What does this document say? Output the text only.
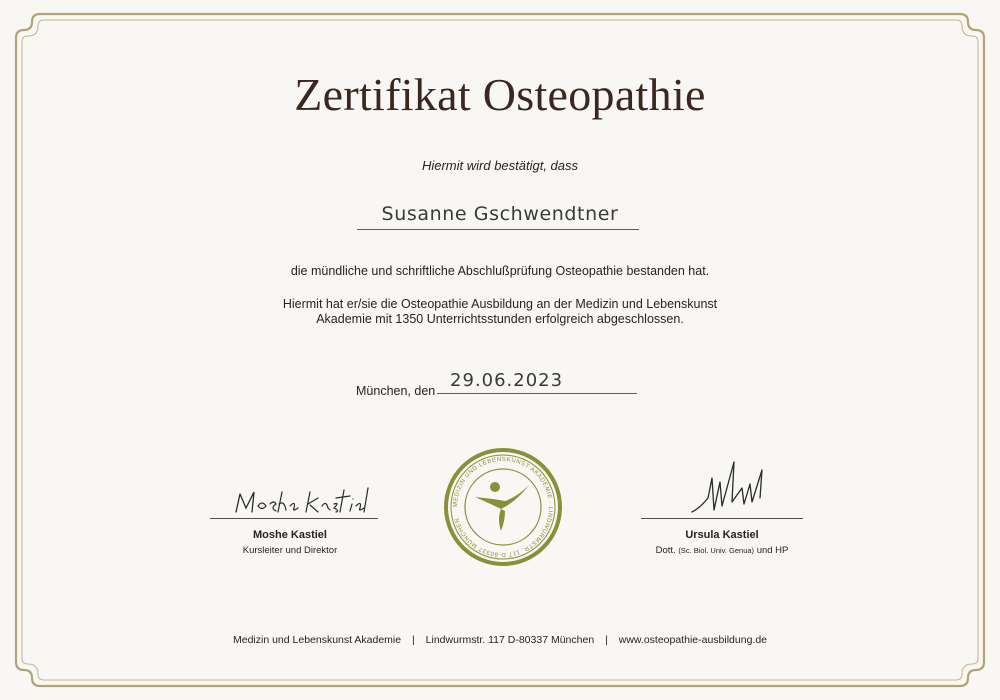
Zertifikat Osteopathie
Hiermit wird bestätigt, dass
Susanne Gschwendtner
die mündliche und schriftliche Abschlußprüfung Osteopathie bestanden hat.
Hiermit hat er/sie die Osteopathie Ausbildung an der Medizin und Lebenskunst
Akademie mit 1350 Unterrichtsstunden erfolgreich abgeschlossen.
München, den 29.06.2023
Moshe Kastiel
Kursleiter und Direktor
MEDIZIN UND LEBENSKUNST AKADEMIE · LINDWURMSTR. 117 D-80337 MÜNCHEN
Ursula Kastiel
Dott. (Sc. Biol. Univ. Genua) und HP
Medizin und Lebenskunst Akademie | Lindwurmstr. 117 D-80337 München | www.osteopathie-ausbildung.de
